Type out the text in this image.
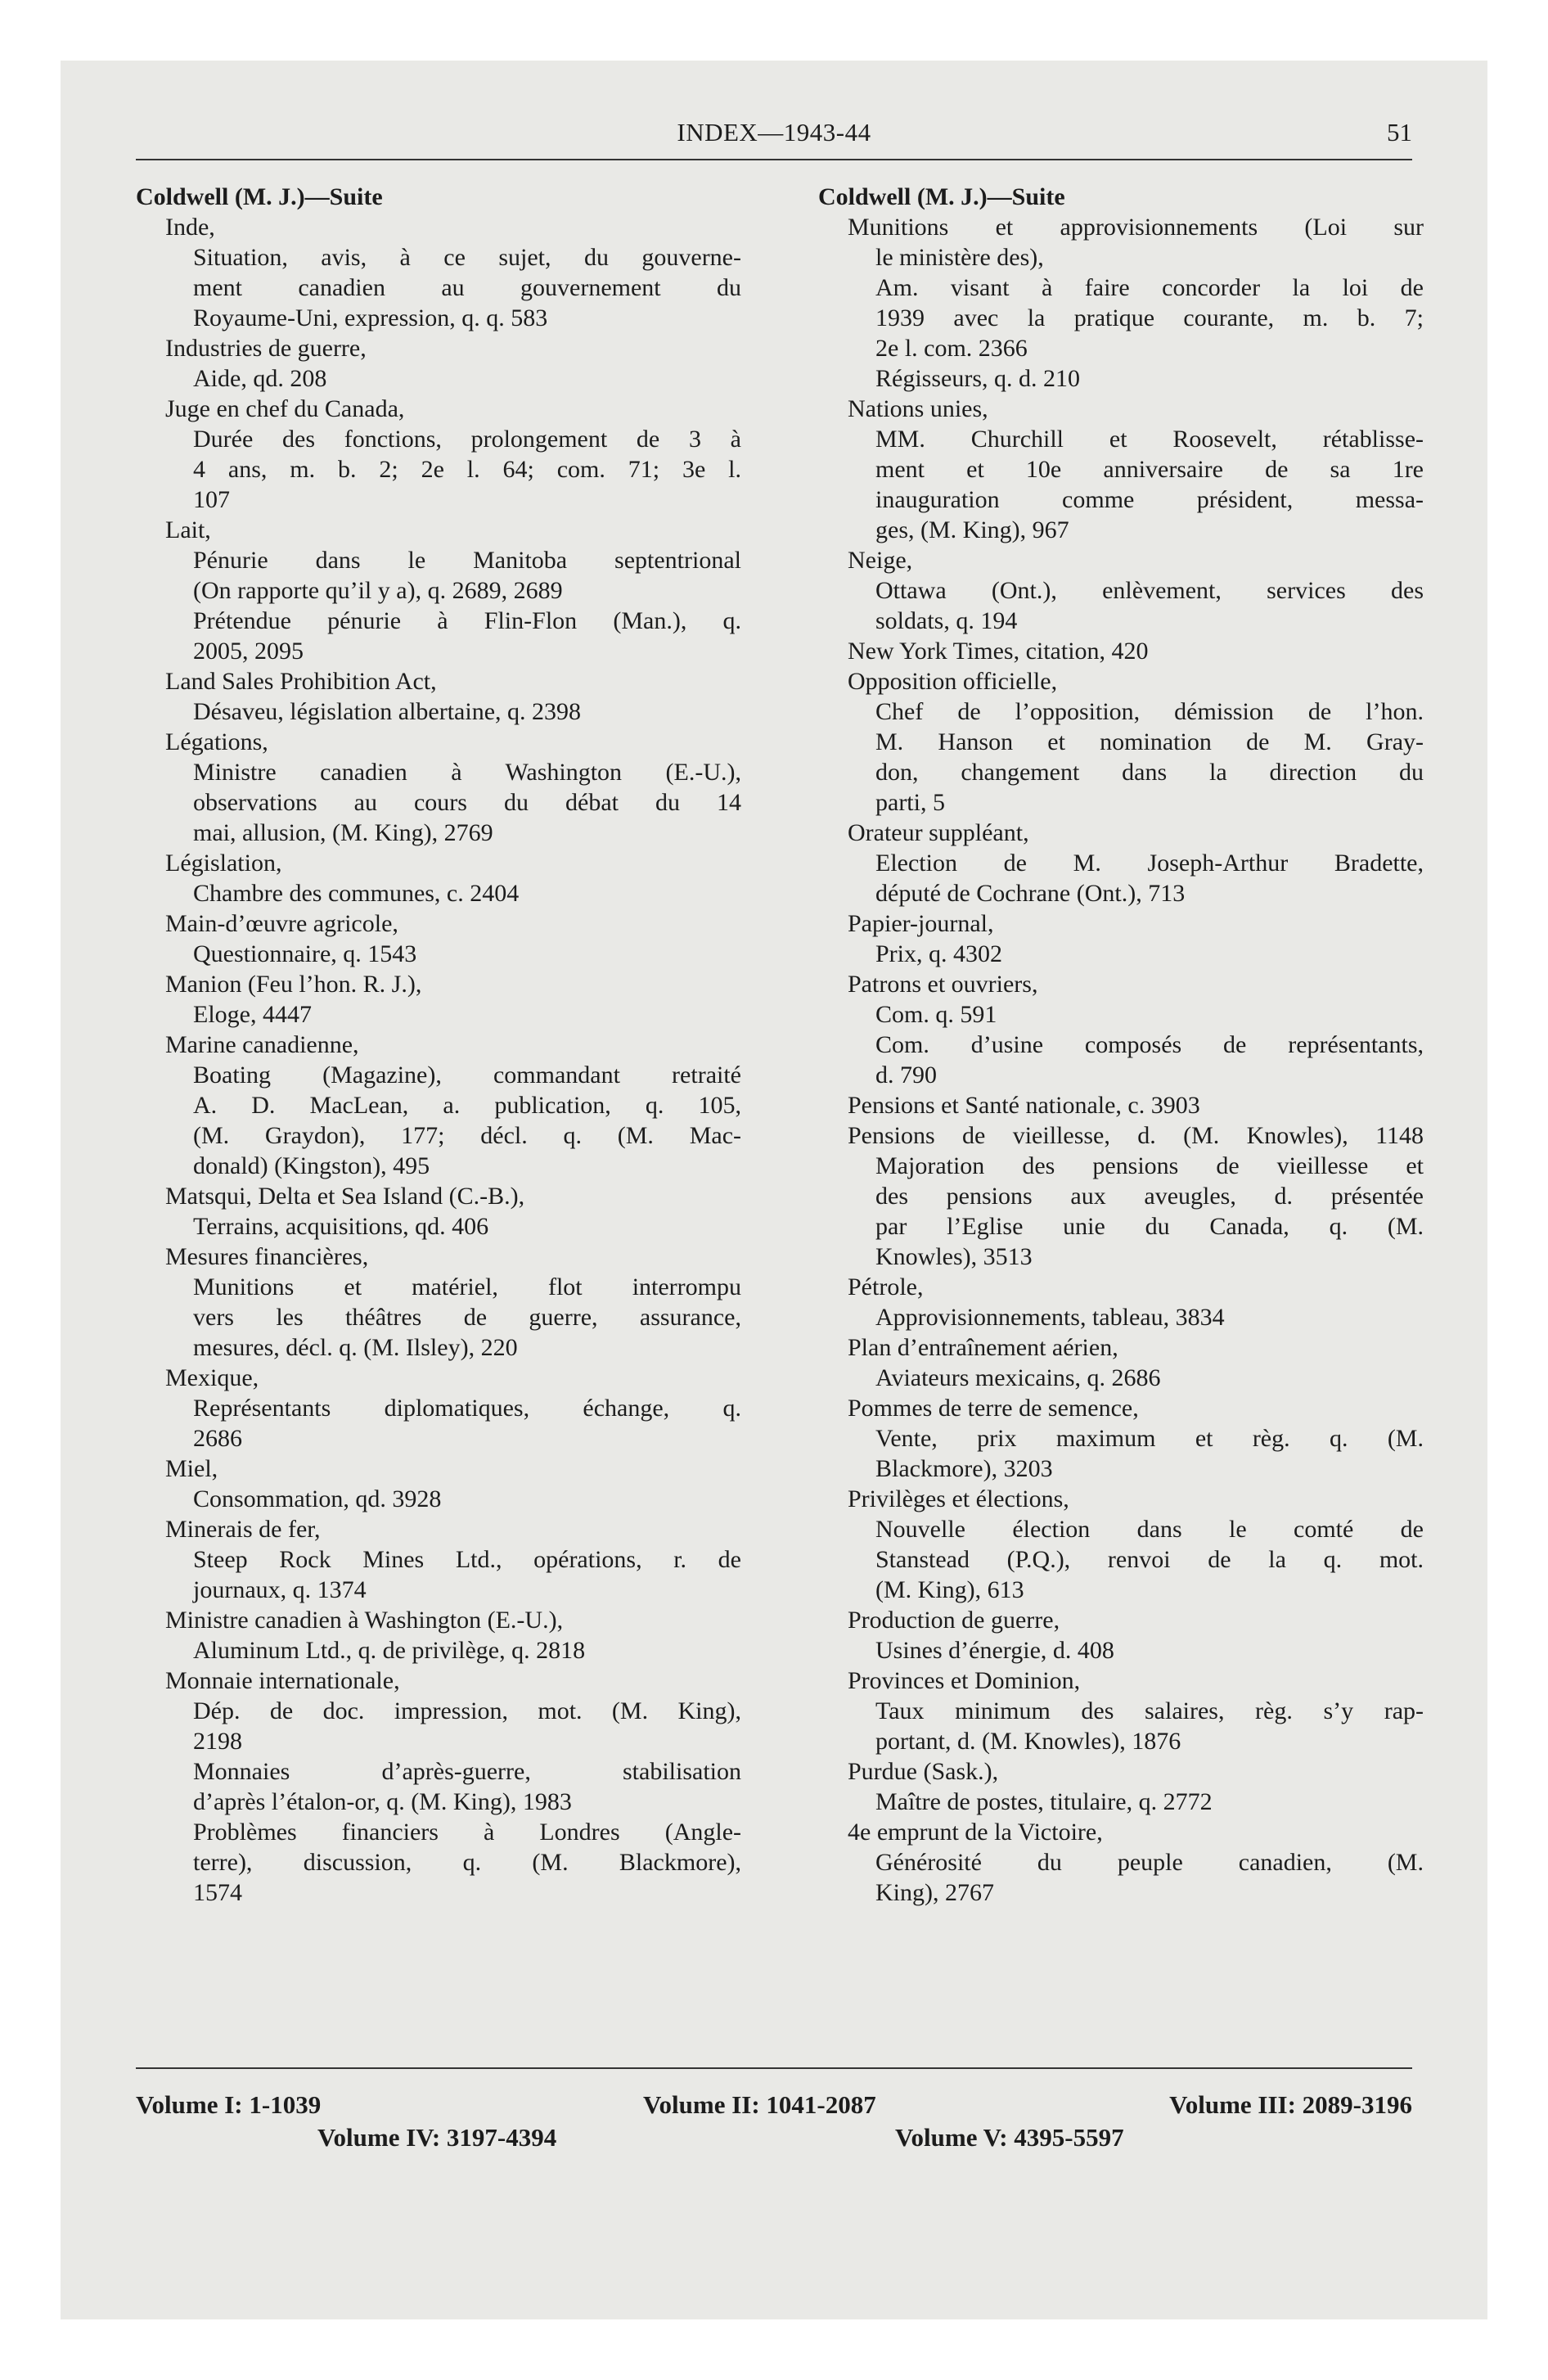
INDEX—1943-44	51
Coldwell (M. J.)—Suite
Inde,
Situation, avis, à ce sujet, du gouverne-
ment canadien au gouvernement du
Royaume-Uni, expression, q. q. 583
Industries de guerre,
Aide, qd. 208
Juge en chef du Canada,
Durée des fonctions, prolongement de 3 à
4 ans, m. b. 2; 2e l. 64; com. 71; 3e l.
107
Lait,
Pénurie dans le Manitoba septentrional
(On rapporte qu’il y a), q. 2689, 2689
Prétendue pénurie à Flin-Flon (Man.), q.
2005, 2095
Land Sales Prohibition Act,
Désaveu, législation albertaine, q. 2398
Légations,
Ministre canadien à Washington (E.-U.),
observations au cours du débat du 14
mai, allusion, (M. King), 2769
Législation,
Chambre des communes, c. 2404
Main-d’œuvre agricole,
Questionnaire, q. 1543
Manion (Feu l’hon. R. J.),
Eloge, 4447
Marine canadienne,
Boating (Magazine), commandant retraité
A. D. MacLean, a. publication, q. 105,
(M. Graydon), 177; décl. q. (M. Mac-
donald) (Kingston), 495
Matsqui, Delta et Sea Island (C.-B.),
Terrains, acquisitions, qd. 406
Mesures financières,
Munitions et matériel, flot interrompu
vers les théâtres de guerre, assurance,
mesures, décl. q. (M. Ilsley), 220
Mexique,
Représentants diplomatiques, échange, q.
2686
Miel,
Consommation, qd. 3928
Minerais de fer,
Steep Rock Mines Ltd., opérations, r. de
journaux, q. 1374
Ministre canadien à Washington (E.-U.),
Aluminum Ltd., q. de privilège, q. 2818
Monnaie internationale,
Dép. de doc. impression, mot. (M. King),
2198
Monnaies d’après-guerre, stabilisation
d’après l’étalon-or, q. (M. King), 1983
Problèmes financiers à Londres (Angle-
terre), discussion, q. (M. Blackmore),
1574
Coldwell (M. J.)—Suite
Munitions et approvisionnements (Loi sur
le ministère des),
Am. visant à faire concorder la loi de
1939 avec la pratique courante, m. b. 7;
2e l. com. 2366
Régisseurs, q. d. 210
Nations unies,
MM. Churchill et Roosevelt, rétablisse-
ment et 10e anniversaire de sa 1re
inauguration comme président, messa-
ges, (M. King), 967
Neige,
Ottawa (Ont.), enlèvement, services des
soldats, q. 194
New York Times, citation, 420
Opposition officielle,
Chef de l’opposition, démission de l’hon.
M. Hanson et nomination de M. Gray-
don, changement dans la direction du
parti, 5
Orateur suppléant,
Election de M. Joseph-Arthur Bradette,
député de Cochrane (Ont.), 713
Papier-journal,
Prix, q. 4302
Patrons et ouvriers,
Com. q. 591
Com. d’usine composés de représentants,
d. 790
Pensions et Santé nationale, c. 3903
Pensions de vieillesse, d. (M. Knowles), 1148
Majoration des pensions de vieillesse et
des pensions aux aveugles, d. présentée
par l’Eglise unie du Canada, q. (M.
Knowles), 3513
Pétrole,
Approvisionnements, tableau, 3834
Plan d’entraînement aérien,
Aviateurs mexicains, q. 2686
Pommes de terre de semence,
Vente, prix maximum et règ. q. (M.
Blackmore), 3203
Privilèges et élections,
Nouvelle élection dans le comté de
Stanstead (P.Q.), renvoi de la q. mot.
(M. King), 613
Production de guerre,
Usines d’énergie, d. 408
Provinces et Dominion,
Taux minimum des salaires, règ. s’y rap-
portant, d. (M. Knowles), 1876
Purdue (Sask.),
Maître de postes, titulaire, q. 2772
4e emprunt de la Victoire,
Générosité du peuple canadien, (M.
King), 2767
Volume I: 1-1039	Volume II: 1041-2087	Volume III: 2089-3196
Volume IV: 3197-4394	Volume V: 4395-5597
